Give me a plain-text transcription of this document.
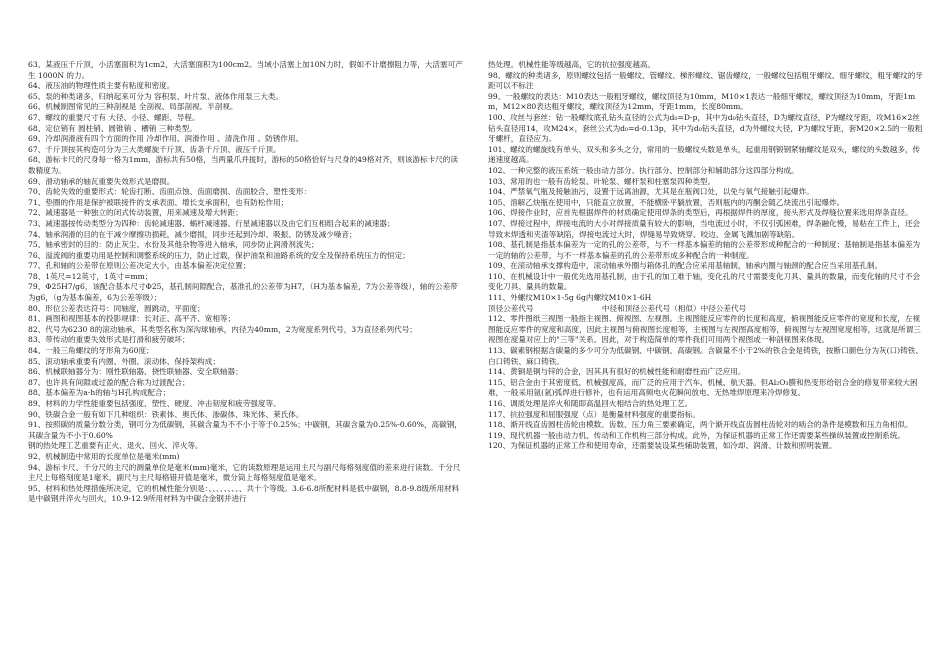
63、某液压千斤顶，小活塞面积为1cm2，大活塞面积为100cm2。当域小活塞上加10N力时，假如不计磨擦阻力等，大活塞可产生 1000N 的力。

64、液压油的物理性质主要有粘度和密度。

65、泵的种类诸多，归纳起来可分为 容积泵、叶片泵、液体作用泵三大类。

66、机械制图常见的三种剖视是 全剖视、局部剖视、半剖视。

67、螺纹的重要尺寸有 大径、小径、螺距、导程。

68、定位销有 圆柱销、圆锥销 、槽销 三种类型。

69、冷却润滑液有四个方面的作用 冷却作用、润滑作用 、清洗作用 、防锈作用。

67、千斤顶按其构造可分为三大类螺旋千斤顶、齿条千斤顶、液压千斤顶。

68、游标卡尺的尺身每一格为1mm，游标共有50格，当两量爪并拢时，游标的50格恰好与尺身的49格对齐，则该游标卡尺的读数精度为。

69、滑动轴承的轴瓦重要失效形式是磨损。

70、齿轮失效的重要形式：轮齿打断、齿面点蚀、齿面磨损、齿面胶合、塑性变形：

71、垫圈的作用是保护被联接件的支承表面、增长支承面积，也有防松作用；

72、减速器是一种独立的闭式传动装置，用来减速及增大转距；

73、减速器按传动类型分为四种：齿轮减速器、蜗杆减速器、行星减速器以及由它们互相组合起来的减速器；

74、轴承润滑的目的在于减少摩擦功损耗，减少磨损，同步还起到冷却、吸振、防锈及减少噪音；

75、轴承密封的目的：防止灰尘、水份及其他杂物等进入轴承，同步防止润滑剂流失；

76、溢流阀的重要功用是控制和调整系统的压力，防止过载，保护油泵和油路系统的安全及保持系统压力的恒定；

77、孔和轴的公差带在原则公差决定大小，由基本偏差决定位置；

78、1英尺=12英寸，1英寸=mm；

79、Φ25H7/g6，该配合基本尺寸Φ25，基孔制间隙配合，基准孔的公差带为H7，（H为基本偏差，7为公差等级），轴的公差带为g6，（g为基本偏差，6为公差等级）；

80、形位公差表达符号：同轴度，圆跳动，平面度；

81、画图和视图基本的投影规律：长对正、高平齐、宽相等；

82、代号为6230 8的滚动轴承，其类型名称为深沟球轴承，内径为40mm，2为宽度系列代号，3为直径系列代号；

83、带传动的重要失效形式是打滑和疲劳破坏；

84、一般三角螺纹的牙形角为60度；

85、滚动轴承重要有内圈、外圈、滚动体、保持架构成；

86、机械联轴器分为：刚性联轴器、挠性联轴器、安全联轴器；

87、也许具有间隙或过盈的配合称为过渡配合；

88、基本偏差为a-h的轴与H孔构成配合；

89、材料的力学性能重要包括强度、塑性、硬度、冲击韧度和疲劳强度等。

90、铁碳合金一般有如下几种组织：铁素体、奥氏体、渗碳体、珠光体、莱氏体。

91、按照碳的质量分数分类，钢可分为低碳钢，其碳含量为不不小于等于0.25%；中碳钢，其碳含量为0.25%-0.60%，高碳钢，其碳含量为不小于0.60%

钢的热处理工艺重要有正火、退火、回火、淬火等。

92、机械制造中常用的长度单位是毫米(mm)

94、游标卡尺、千分尺的主尺的测量单位是毫米(mm)毫米，它的读数原理是运用主尺与副尺每格刻度值的差来进行读数。千分尺主尺上每格刻度是1毫米，副尺与主尺每格错开值是毫米，微分筒上每格刻度值是毫米。

95、材料和热处理措施所决定，它的机械性能分别是：、、、、、、、、、共十个等级。3.6-6.8所配材料是低中碳钢，8.8-9.8级所用材料是中碳钢并淬火与回火，10.9-12.9所用材料为中碳合金钢并进行

热处理。机械性能等级越高，它的抗拉强度越高。

98、螺纹的种类诸多，原则螺纹包括一般螺纹、管螺纹、梯形螺纹、锯齿螺纹，一般螺纹包括粗牙螺纹、细牙螺纹，粗牙螺纹的牙距可以不标注

99、一般螺纹的表达：M10表达一般粗牙螺纹，螺纹顶径为10mm，M10×1表达一般细牙螺纹，螺纹顶径为10mm，牙距1mm，M12×80表达粗牙螺纹，螺纹顶径为12mm，牙距1mm，长度80mm。

100、攻丝与套丝：钻一般螺纹底孔钻头直径的公式为d₀=D-p，其中为d₀钻头直径，D为螺纹直径，P为螺纹牙距，攻M16×2丝钻头直径用14，攻M24×，套丝公式为d₀=d-0.13p，其中为d₀钻头直径，d为外螺纹大径，P为螺纹牙距，套M20×2.5的一般粗牙螺杆，直径应为。

101、螺纹的螺旋线有单头、双头和多头之分，常用的一般螺纹头数是单头，起重用钢锻钢紧轴螺纹是双头，螺纹的头数越多，传递速度越高。

102、一种完整的液压系统一般由动力部分、执行部分、控制部分和辅助部分这四部分构成。

103、常用的也一般有齿轮泵、叶轮泵、螺杆泵和柱塞泵四种类型。

104、严禁氧气瓶及接触油污，设置于远离油源，尤其是在瓶阀口处，以免与氧气接触引起爆炸。

105、溶解乙炔瓶在使用中，只能直立放置，不能横卧平躺放置，否则瓶内的丙酮会随乙炔流出引起爆炸。

106、焊接作业时，应首先根据焊件的材质确定使用焊条的类型后，再根据焊件的厚度，接头形式及焊缝位置来选用焊条直径。

107、焊接过程中，焊接电流的大小对焊接质量有较大的影响，当电流过小时，不仅引弧困难，焊条融化慢，易粘在工件上，还会导致未焊透和夹渣等缺陷，焊接电流过大时，焊缝易导致烧穿、咬边、金属飞溅加剧等缺陷。

108、基孔制是指基本偏差为一定的孔的公差带，与不一样基本偏差的轴的公差带形成种配合的一种制度；基轴制是指基本偏差为一定的轴的公差带，与不一样基本偏差的孔的公差带形成多种配合的一种制度。

109、在滚动轴承支撑构造中，滚动轴承外圈与箱体孔的配合应采用基轴制，轴承内圈与轴颈的配合应当采用基孔制。

110、在机械设计中一般优先选用基孔制，由于孔的加工难于轴，变化孔的尺寸需要变化刀具、量具的数量，而变化轴的尺寸不会变化刀具、量具的数量。

111、外螺纹M10×1-5g 6g内螺纹M10×1-6H

顶径公差代号　　　　　　　　　中径和顶径公差代号（相似）中径公差代号

112、零件图纸三视图一般指主视图、俯视图、左视图。主视图能反应零件的长度和高度，俯视图能反应零件的宽度和长度，左视图能反应零件的宽度和高度，因此主视图与俯视图长度相等，主视图与左视图高度相等，俯视图与左视图宽度相等，这就是所谓三视图在度量对应上的"三等"关系。因此，对于构造简单的零件我们可用两个视图或一种剖视图来体现。

113、碳素钢根据含碳量的多少可分为低碳钢、中碳钢、高碳钢。含碳量不小于2%的铁合金是铸铁，按断口颜色分为灰(口)铸铁、白口铸铁、麻口铸铁。

114、黄铜是铜与锌的合金，因其具有很好的机械性能和耐磨性而广泛应用。

115、铝合金由于其密度低、机械强度高，而广泛的应用于汽车、机械、航天器。但Al₂O₃膜和热变形给铝合金的修复带来较大困难，一般采用氩(氩)弧焊进行修补，也有运用高频电火花瞬间放电、无热堆焊原理来冷焊修复。

116、调质处理是淬火和随即高温回火相结合的热处理工艺。

117、抗拉强度和屈服强度（点）是衡量材料强度的重要指标。

118、渐开线直齿圆柱齿轮由模数、齿数、压力角三要素确定，两个渐开线直齿圆柱齿轮对的啮合的条件是模数和压力角相似。

119、现代机器一般由动力机、传动和工作机构三部分构成。此外，为保证机器的正常工作还需要某些操纵装置或控制系统。

120、为保证机器的正常工作和使用寿命，还需要装设某些辅助装置，如冷却、润滑、计数和照明装置。
